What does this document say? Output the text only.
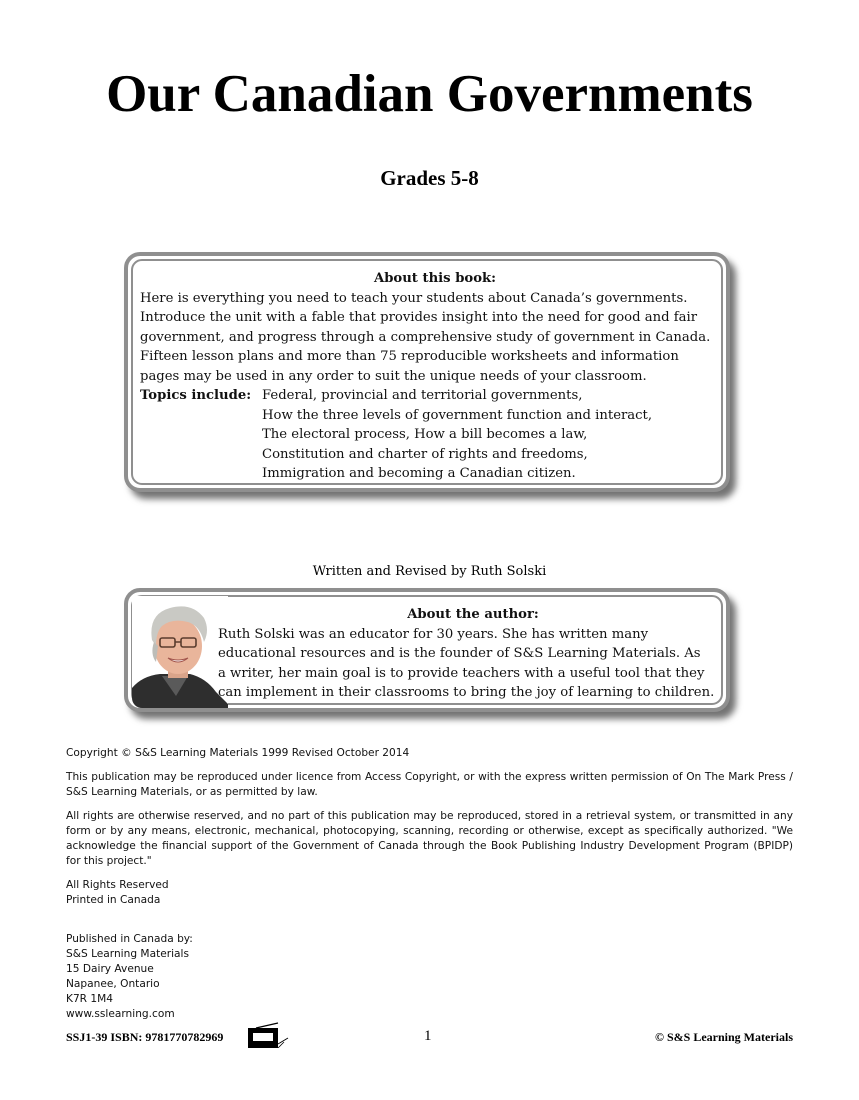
Our Canadian Governments
Grades 5-8

About this book:

Here is everything you need to teach your students about Canada’s governments.

Introduce the unit with a fable that provides insight into the need for good and fair

government, and progress through a comprehensive study of government in Canada.

Fifteen lesson plans and more than 75 reproducible worksheets and information

pages may be used in any order to suit the unique needs of your classroom.

Topics include: Federal, provincial and territorial governments,
How the three levels of government function and interact,
The electoral process, How a bill becomes a law,
Constitution and charter of rights and freedoms,
Immigration and becoming a Canadian citizen.
Written and Revised by Ruth Solski

About the author:

Ruth Solski was an educator for 30 years. She has written many

educational resources and is the founder of S&S Learning Materials. As

a writer, her main goal is to provide teachers with a useful tool that they

can implement in their classrooms to bring the joy of learning to children.

Copyright © S&S Learning Materials 1999 Revised October 2014

This publication may be reproduced under licence from Access Copyright, or with the express written permission of On The Mark Press / S&S Learning Materials, or as permitted by law.

All rights are otherwise reserved, and no part of this publication may be reproduced, stored in a retrieval system, or transmitted in any form or by any means, electronic, mechanical, photocopying, scanning, recording or otherwise, except as specifically authorized. "We acknowledge the financial support of the Government of Canada through the Book Publishing Industry Development Program (BPIDP) for this project."

All Rights Reserved

Printed in Canada

Published in Canada by:

S&S Learning Materials

15 Dairy Avenue

Napanee, Ontario

K7R 1M4

www.sslearning.com

SSJ1-39 ISBN: 9781770782969	1	© S&S Learning Materials
